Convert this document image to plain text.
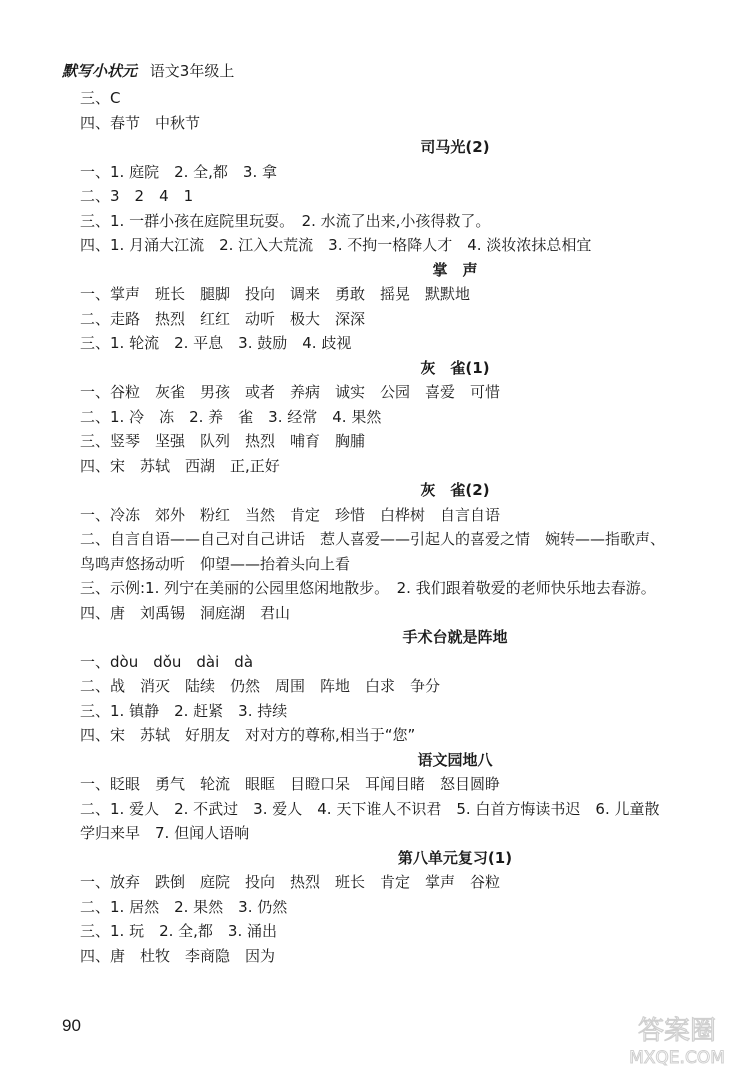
默写小状元 语文3年级上
三、C
四、春节　中秋节
司马光(2)
一、1. 庭院　2. 全,都　3. 拿
二、3　2　4　1
三、1. 一群小孩在庭院里玩耍。　2. 水流了出来,小孩得救了。
四、1. 月涌大江流　2. 江入大荒流　3. 不拘一格降人才　4. 淡妆浓抹总相宜
掌　声
一、掌声　班长　腿脚　投向　调来　勇敢　摇晃　默默地
二、走路　热烈　红红　动听　极大　深深
三、1. 轮流　2. 平息　3. 鼓励　4. 歧视
灰　雀(1)
一、谷粒　灰雀　男孩　或者　养病　诚实　公园　喜爱　可惜
二、1. 冷　冻　2. 养　雀　3. 经常　4. 果然
三、竖琴　坚强　队列　热烈　哺育　胸脯
四、宋　苏轼　西湖　正,正好
灰　雀(2)
一、冷冻　郊外　粉红　当然　肯定　珍惜　白桦树　自言自语
二、自言自语——自己对自己讲话　惹人喜爱——引起人的喜爱之情　婉转——指歌声、
鸟鸣声悠扬动听　仰望——抬着头向上看
三、示例:1. 列宁在美丽的公园里悠闲地散步。　2. 我们跟着敬爱的老师快乐地去春游。
四、唐　刘禹锡　洞庭湖　君山
手术台就是阵地
一、dòu　dǒu　dài　dà
二、战　消灭　陆续　仍然　周围　阵地　白求　争分
三、1. 镇静　2. 赶紧　3. 持续
四、宋　苏轼　好朋友　对对方的尊称,相当于“您”
语文园地八
一、眨眼　勇气　轮流　眼眶　目瞪口呆　耳闻目睹　怒目圆睁
二、1. 爱人　2. 不武过　3. 爱人　4. 天下谁人不识君　5. 白首方悔读书迟　6. 儿童散
学归来早　7. 但闻人语响
第八单元复习(1)
一、放弃　跌倒　庭院　投向　热烈　班长　肯定　掌声　谷粒
二、1. 居然　2. 果然　3. 仍然
三、1. 玩　2. 全,都　3. 涌出
四、唐　杜牧　李商隐　因为
90	答案圈
MXQE.COM
